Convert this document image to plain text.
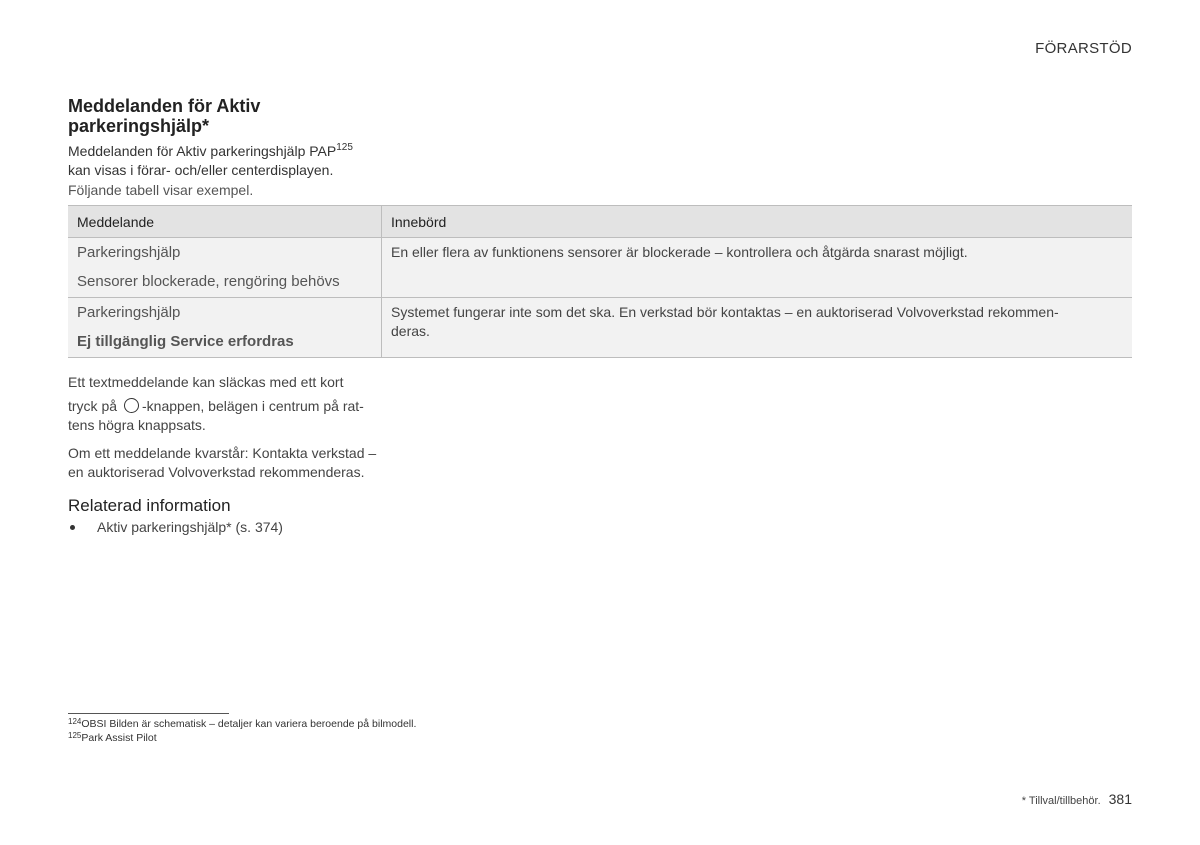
FÖRARSTÖD
Meddelanden för Aktiv
parkeringshjälp*

Meddelanden för Aktiv parkeringshjälp PAP$^{125}$
kan visas i förar- och/eller centerdisplayen.

Följande tabell visar exempel.

Meddelande	Innebörd

Parkeringshjälp
Sensorer blockerade, rengöring behövs	En eller flera av funktionens sensorer är blockerade – kontrollera och åtgärda snarast möjligt.

Parkeringshjälp
Ej tillgänglig Service erfordras	Systemet fungerar inte som det ska. En verkstad bör kontaktas – en auktoriserad Volvoverkstad rekommen-
deras.

Ett textmeddelande kan släckas med ett kort
tryck på -knappen, belägen i centrum på rat-
tens högra knappsats.

Om ett meddelande kvarstår: Kontakta verkstad –
en auktoriserad Volvoverkstad rekommenderas.

Relaterad information
Aktiv parkeringshjälp* (s. 374)
$^{124}$OBSI Bilden är schematisk – detaljer kan variera beroende på bilmodell.
$^{125}$Park Assist Pilot
* Tillval/tillbehör. 381
